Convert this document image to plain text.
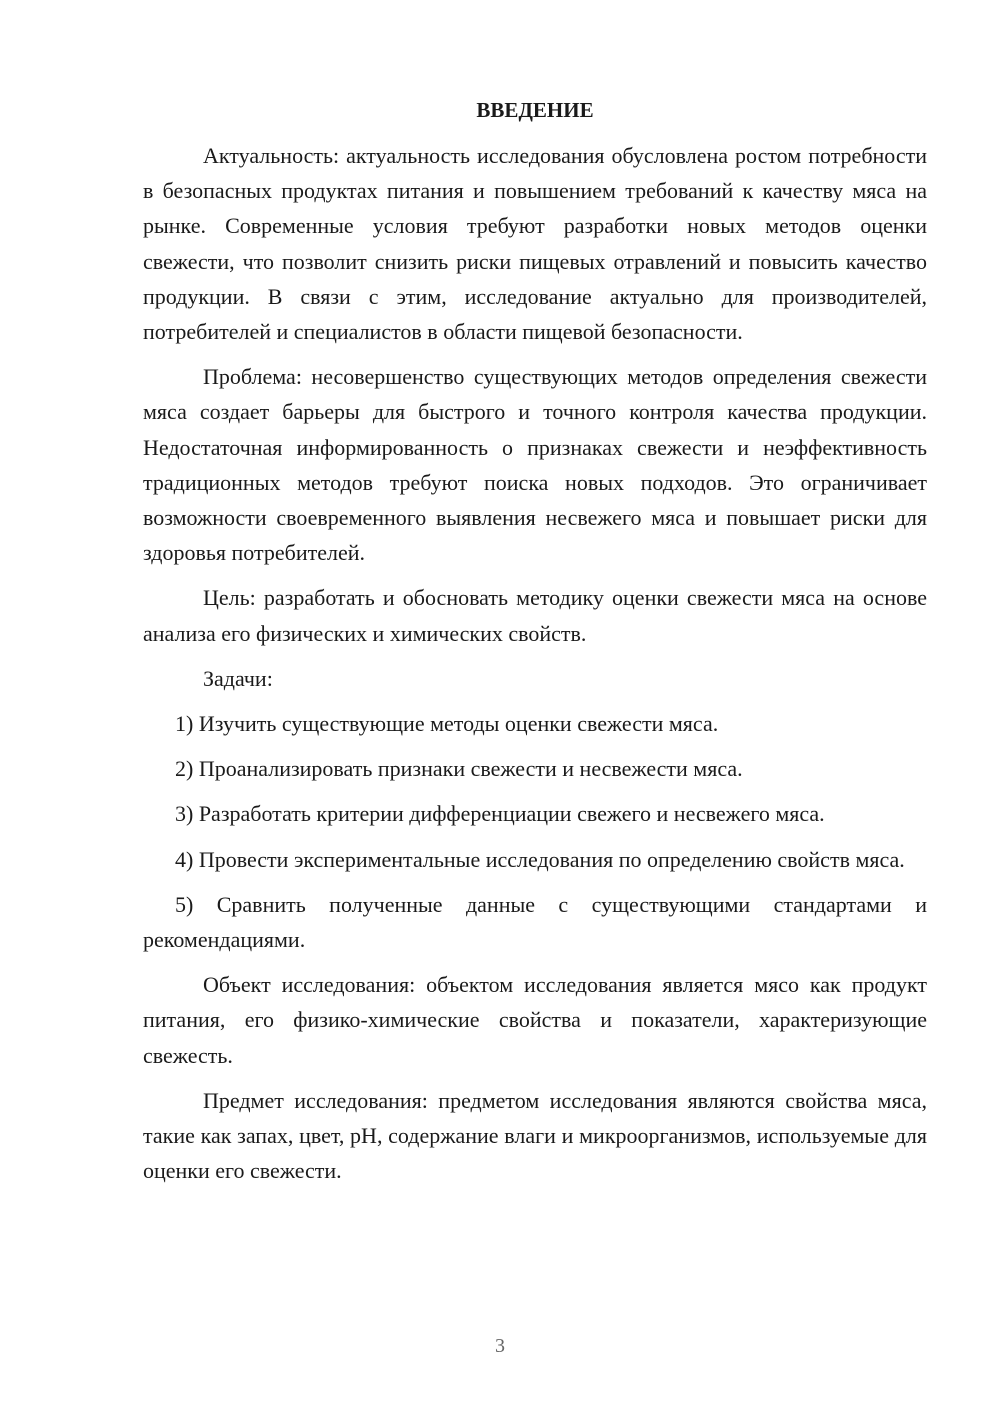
ВВЕДЕНИЕ

Актуальность: актуальность исследования обусловлена ростом потребности в безопасных продуктах питания и повышением требований к качеству мяса на рынке. Современные условия требуют разработки новых методов оценки свежести, что позволит снизить риски пищевых отравлений и повысить качество продукции. В связи с этим, исследование актуально для производителей, потребителей и специалистов в области пищевой безопасности.

Проблема: несовершенство существующих методов определения свежести мяса создает барьеры для быстрого и точного контроля качества продукции. Недостаточная информированность о признаках свежести и неэффективность традиционных методов требуют поиска новых подходов. Это ограничивает возможности своевременного выявления несвежего мяса и повышает риски для здоровья потребителей.

Цель: разработать и обосновать методику оценки свежести мяса на основе анализа его физических и химических свойств.

Задачи:

1) Изучить существующие методы оценки свежести мяса.

2) Проанализировать признаки свежести и несвежести мяса.

3) Разработать критерии дифференциации свежего и несвежего мяса.

4) Провести экспериментальные исследования по определению свойств мяса.

5) Сравнить полученные данные с существующими стандартами и рекомендациями.

Объект исследования: объектом исследования является мясо как продукт питания, его физико-химические свойства и показатели, характеризующие свежесть.

Предмет исследования: предметом исследования являются свойства мяса, такие как запах, цвет, pH, содержание влаги и микроорганизмов, используемые для оценки его свежести.

3
